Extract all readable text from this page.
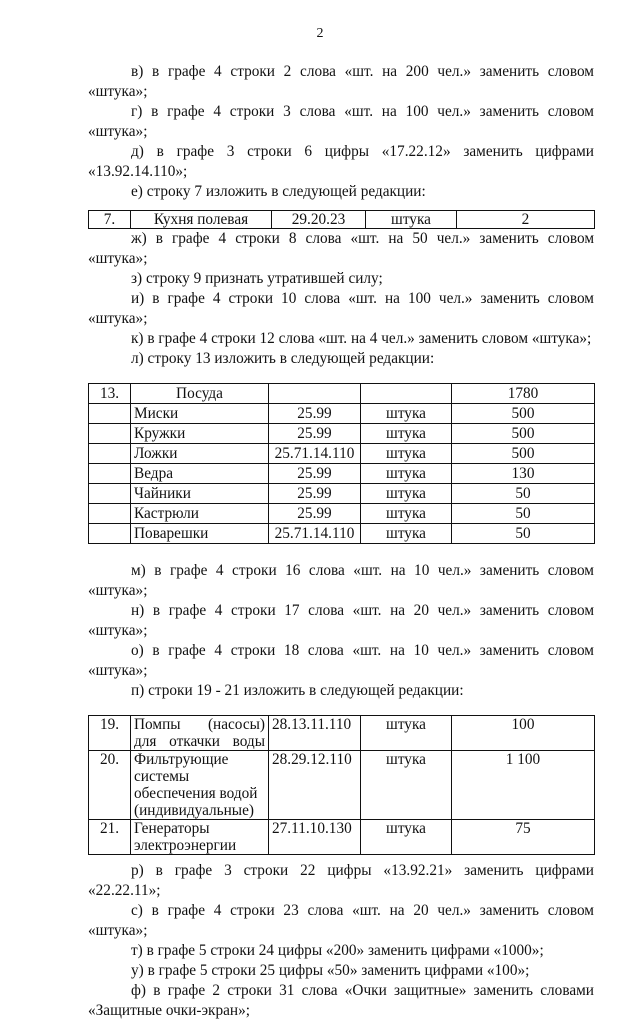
2

в) в графе 4 строки 2 слова «шт. на 200 чел.» заменить словом «штука»;

г) в графе 4 строки 3 слова «шт. на 100 чел.» заменить словом «штука»;

д) в графе 3 строки 6 цифры «17.22.12» заменить цифрами «13.92.14.110»;

е) строку 7 изложить в следующей редакции:

7.	Кухня полевая	29.20.23	штука	2

ж) в графе 4 строки 8 слова «шт. на 50 чел.» заменить словом «штука»;

з) строку 9 признать утратившей силу;

и) в графе 4 строки 10 слова «шт. на 100 чел.» заменить словом «штука»;

к) в графе 4 строки 12 слова «шт. на 4 чел.» заменить словом «штука»;

л) строку 13 изложить в следующей редакции:

13.	Посуда			1780
	Миски	25.99	штука	500
	Кружки	25.99	штука	500
	Ложки	25.71.14.110	штука	500
	Ведра	25.99	штука	130
	Чайники	25.99	штука	50
	Кастрюли	25.99	штука	50
	Поварешки	25.71.14.110	штука	50

м) в графе 4 строки 16 слова «шт. на 10 чел.» заменить словом «штука»;

н) в графе 4 строки 17 слова «шт. на 20 чел.» заменить словом «штука»;

о) в графе 4 строки 18 слова «шт. на 10 чел.» заменить словом «штука»;

п) строки 19 - 21 изложить в следующей редакции:

19.	Помпы (насосы) для откачки воды	28.13.11.110	штука	100
20.	Фильтрующие системы обеспечения водой (индивидуальные)	28.29.12.110	штука	1 100
21.	Генераторы электроэнергии	27.11.10.130	штука	75

р) в графе 3 строки 22 цифры «13.92.21» заменить цифрами «22.22.11»;

с) в графе 4 строки 23 слова «шт. на 20 чел.» заменить словом «штука»;

т) в графе 5 строки 24 цифры «200» заменить цифрами «1000»;

у) в графе 5 строки 25 цифры «50» заменить цифрами «100»;

ф) в графе 2 строки 31 слова «Очки защитные» заменить словами «Защитные очки-экран»;
